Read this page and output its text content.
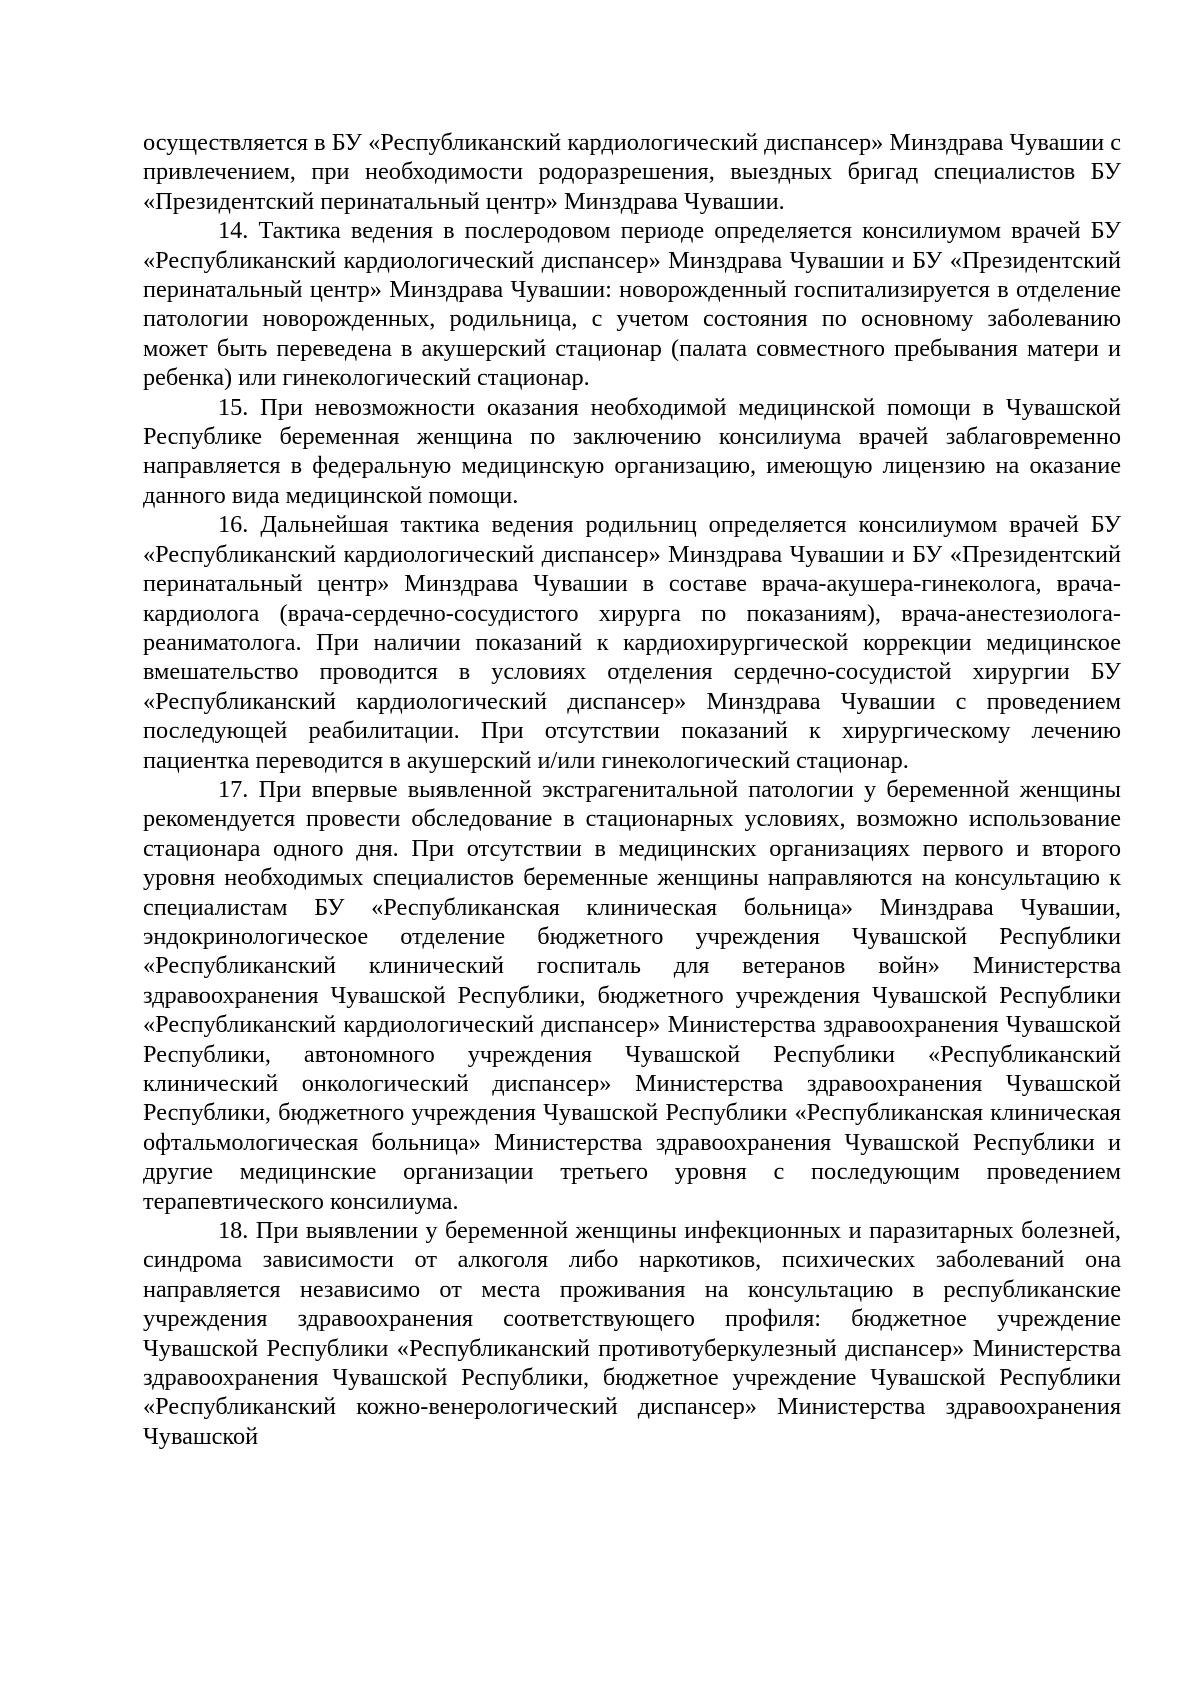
осуществляется в БУ «Республиканский кардиологический диспансер» Минздрава Чувашии с привлечением, при необходимости родоразрешения, выездных бригад специалистов БУ «Президентский перинатальный центр» Минздрава Чувашии.

14. Тактика ведения в послеродовом периоде определяется консилиумом врачей БУ «Республиканский кардиологический диспансер» Минздрава Чувашии и БУ «Президентский перинатальный центр» Минздрава Чувашии: новорожденный госпитализируется в отделение патологии новорожденных, родильница, с учетом состояния по основному заболеванию может быть переведена в акушерский стационар (палата совместного пребывания матери и ребенка) или гинекологический стационар.

15. При невозможности оказания необходимой медицинской помощи в Чувашской Республике беременная женщина по заключению консилиума врачей заблаговременно направляется в федеральную медицинскую организацию, имеющую лицензию на оказание данного вида медицинской помощи.

16. Дальнейшая тактика ведения родильниц определяется консилиумом врачей БУ «Республиканский кардиологический диспансер» Минздрава Чувашии и БУ «Президентский перинатальный центр» Минздрава Чувашии в составе врача-акушера-гинеколога, врача-кардиолога (врача-сердечно-сосудистого хирурга по показаниям), врача-анестезиолога-реаниматолога. При наличии показаний к кардиохирургической коррекции медицинское вмешательство проводится в условиях отделения сердечно-сосудистой хирургии БУ «Республиканский кардиологический диспансер» Минздрава Чувашии с проведением последующей реабилитации. При отсутствии показаний к хирургическому лечению пациентка переводится в акушерский и/или гинекологический стационар.

17. При впервые выявленной экстрагенитальной патологии у беременной женщины рекомендуется провести обследование в стационарных условиях, возможно использование стационара одного дня. При отсутствии в медицинских организациях первого и второго уровня необходимых специалистов беременные женщины направляются на консультацию к специалистам БУ «Республиканская клиническая больница» Минздрава Чувашии, эндокринологическое отделение бюджетного учреждения Чувашской Республики «Республиканский клинический госпиталь для ветеранов войн» Министерства здравоохранения Чувашской Республики, бюджетного учреждения Чувашской Республики «Республиканский кардиологический диспансер» Министерства здравоохранения Чувашской Республики, автономного учреждения Чувашской Республики «Республиканский клинический онкологический диспансер» Министерства здравоохранения Чувашской Республики, бюджетного учреждения Чувашской Республики «Республиканская клиническая офтальмологическая больница» Министерства здравоохранения Чувашской Республики и другие медицинские организации третьего уровня с последующим проведением терапевтического консилиума.

18. При выявлении у беременной женщины инфекционных и паразитарных болезней, синдрома зависимости от алкоголя либо наркотиков, психических заболеваний она направляется независимо от места проживания на консультацию в республиканские учреждения здравоохранения соответствующего профиля: бюджетное учреждение Чувашской Республики «Республиканский противотуберкулезный диспансер» Министерства здравоохранения Чувашской Республики, бюджетное учреждение Чувашской Республики «Республиканский кожно-венерологический диспансер» Министерства здравоохранения Чувашской
